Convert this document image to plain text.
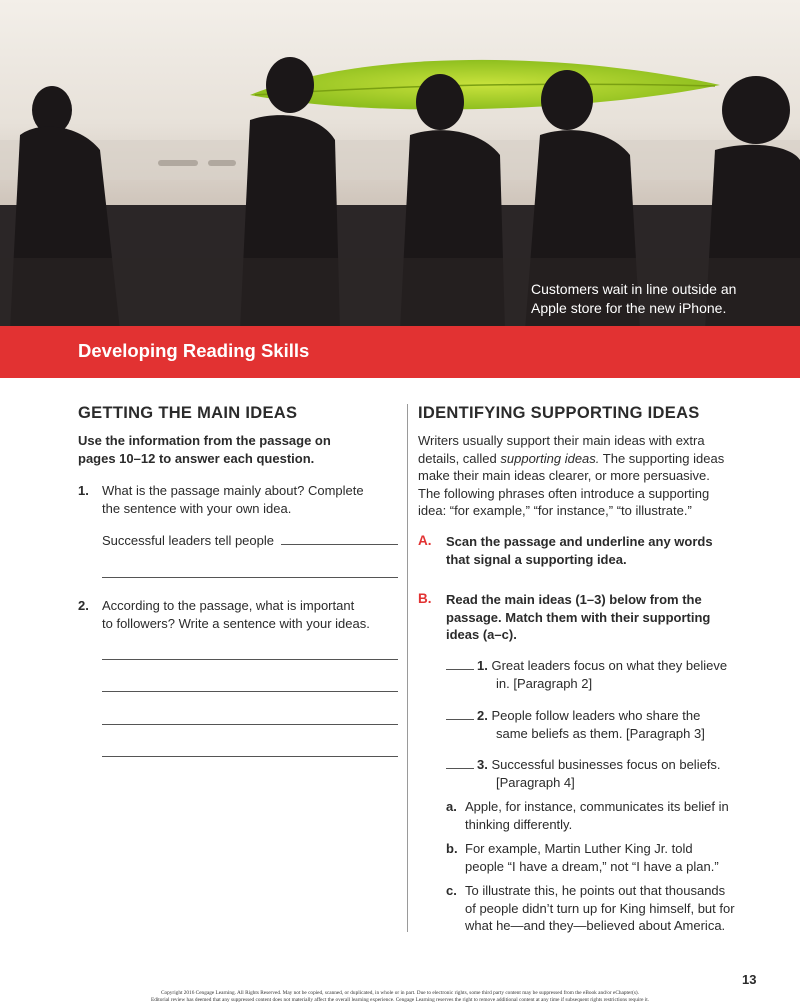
Customers wait in line outside an
Apple store for the new iPhone.
Developing Reading Skills
GETTING THE MAIN IDEAS

Use the information from the passage on

pages 10–12 to answer each question.

1. What is the passage mainly about? Complete
the sentence with your own idea.
Successful leaders tell people
2. According to the passage, what is important
to followers? Write a sentence with your ideas.
IDENTIFYING SUPPORTING IDEAS

Writers usually support their main ideas with extra

details, called supporting ideas. The supporting ideas

make their main ideas clearer, or more persuasive.

The following phrases often introduce a supporting

idea: “for example,” “for instance,” “to illustrate.”

A. Scan the passage and underline any words
that signal a supporting idea.
B. Read the main ideas (1–3) below from the
passage. Match them with their supporting
ideas (a–c).
1. Great leaders focus on what they believe
in. [Paragraph 2]
2. People follow leaders who share the
same beliefs as them. [Paragraph 3]
3. Successful businesses focus on beliefs.
[Paragraph 4]
a. Apple, for instance, communicates its belief in
thinking differently.
b. For example, Martin Luther King Jr. told
people “I have a dream,” not “I have a plan.”
c. To illustrate this, he points out that thousands
of people didn’t turn up for King himself, but for
what he—and they—believed about America.
13
Copyright 2016 Cengage Learning. All Rights Reserved. May not be copied, scanned, or duplicated, in whole or in part. Due to electronic rights, some third party content may be suppressed from the eBook and/or eChapter(s).
Editorial review has deemed that any suppressed content does not materially affect the overall learning experience. Cengage Learning reserves the right to remove additional content at any time if subsequent rights restrictions require it.
